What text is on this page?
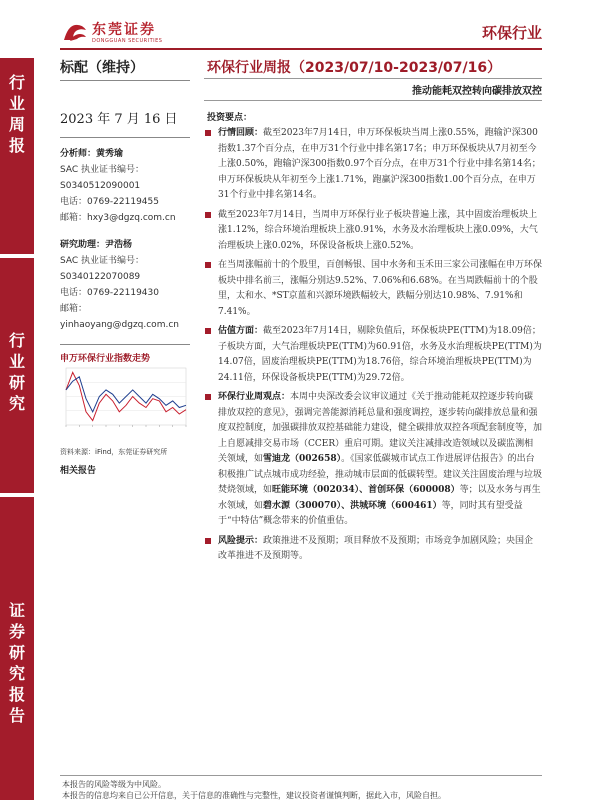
东莞证券
DONGGUAN SECURITIES	环保行业
行
业
周
报
行
业
研
究
证
券
研
究
报
告
标配（维持）
2023 年 7 月 16 日
分析师：黄秀瑜
SAC 执业证书编号：
S0340512090001
电话：0769-22119455
邮箱：hxy3@dgzq.com.cn
研究助理：尹浩杨
SAC 执业证书编号：
S0340122070089
电话：0769-22119430
邮箱：
yinhaoyang@dgzq.com.cn
申万环保行业指数走势
资料来源：iFind，东莞证券研究所
相关报告
环保行业周报（2023/07/10-2023/07/16）
推动能耗双控转向碳排放双控
投资要点：
行情回顾：截至2023年7月14日，申万环保板块当周上涨0.55%，跑输沪深300指数1.37个百分点，在申万31个行业中排名第17名；申万环保板块从7月初至今上涨0.50%，跑输沪深300指数0.97个百分点，在申万31个行业中排名第14名；申万环保板块从年初至今上涨1.71%，跑赢沪深300指数1.00个百分点，在申万31个行业中排名第14名。
截至2023年7月14日，当周申万环保行业子板块普遍上涨，其中固废治理板块上涨1.12%，综合环境治理板块上涨0.91%，水务及水治理板块上涨0.09%，大气治理板块上涨0.02%，环保设备板块上涨0.52%。
在当周涨幅前十的个股里，百创畅银、国中水务和玉禾田三家公司涨幅在申万环保板块中排名前三，涨幅分别达9.52%、7.06%和6.68%。在当周跌幅前十的个股里，太和水、*ST京蓝和兴源环境跌幅较大，跌幅分别达10.98%、7.91%和7.41%。
估值方面：截至2023年7月14日，剔除负值后，环保板块PE(TTM)为18.09倍；子板块方面，大气治理板块PE(TTM)为60.91倍，水务及水治理板块PE(TTM)为14.07倍，固废治理板块PE(TTM)为18.76倍，综合环境治理板块PE(TTM)为24.11倍，环保设备板块PE(TTM)为29.72倍。
环保行业周观点：本周中央深改委会议审议通过《关于推动能耗双控逐步转向碳排放双控的意见》，强调完善能源消耗总量和强度调控，逐步转向碳排放总量和强度双控制度，加强碳排放双控基础能力建设，健全碳排放双控各项配套制度等，加上自愿减排交易市场（CCER）重启可期。建议关注减排改造领域以及碳监测相关领域，如雪迪龙（002658）。《国家低碳城市试点工作进展评估报告》的出台积极推广试点城市成功经验，推动城市层面的低碳转型。建议关注固废治理与垃圾焚烧领域，如旺能环境（002034）、首创环保（600008）等；以及水务与再生水领域，如碧水源（300070）、洪城环境（600461）等，同时其有望受益于“中特估”概念带来的价值重估。
风险提示：政策推进不及预期；项目释放不及预期；市场竞争加剧风险；央国企改革推进不及预期等。
本报告的风险等级为中风险。
本报告的信息均来自已公开信息，关于信息的准确性与完整性，建议投资者谨慎判断，据此入市，风险自担。
